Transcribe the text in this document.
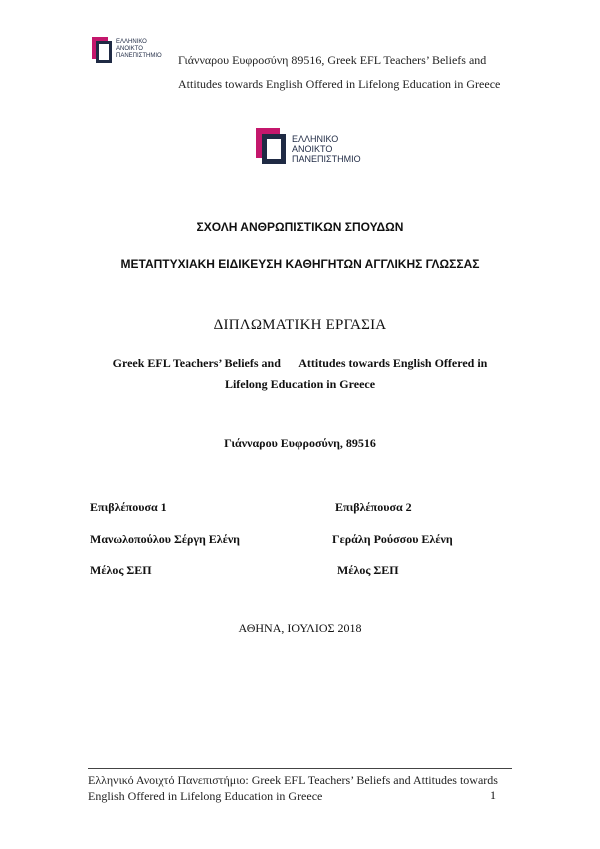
ΕΛΛΗΝΙΚΟ
ΑΝΟΙΚΤΟ
ΠΑΝΕΠΙΣΤΗΜΙΟ Γιάνναρου Ευφροσύνη 89516, Greek EFL Teachers’ Beliefs and
Attitudes towards English Offered in Lifelong Education in Greece
ΕΛΛΗΝΙΚΟ
ΑΝΟΙΚΤΟ
ΠΑΝΕΠΙΣΤΗΜΙΟ
ΣΧΟΛΗ ΑΝΘΡΩΠΙΣΤΙΚΩΝ ΣΠΟΥΔΩΝ
ΜΕΤΑΠΤΥΧΙΑΚΗ ΕΙΔΙΚΕΥΣΗ ΚΑΘΗΓΗΤΩΝ ΑΓΓΛΙΚΗΣ ΓΛΩΣΣΑΣ
ΔΙΠΛΩΜΑΤΙΚΗ ΕΡΓΑΣΙΑ
Greek EFL Teachers’ Beliefs and      Attitudes towards English Offered in
Lifelong Education in Greece
Γιάνναρου Ευφροσύνη, 89516
Επιβλέπουσα 1	Επιβλέπουσα 2
Μανωλοπούλου Σέργη Ελένη	Γεράλη Ρούσσου Ελένη
Μέλος ΣΕΠ	Μέλος ΣΕΠ
ΑΘΗΝΑ, ΙΟΥΛΙΟΣ 2018
Ελληνικό Ανοιχτό Πανεπιστήμιο: Greek EFL Teachers’ Beliefs and Attitudes towards
English Offered in Lifelong Education in Greece	1
